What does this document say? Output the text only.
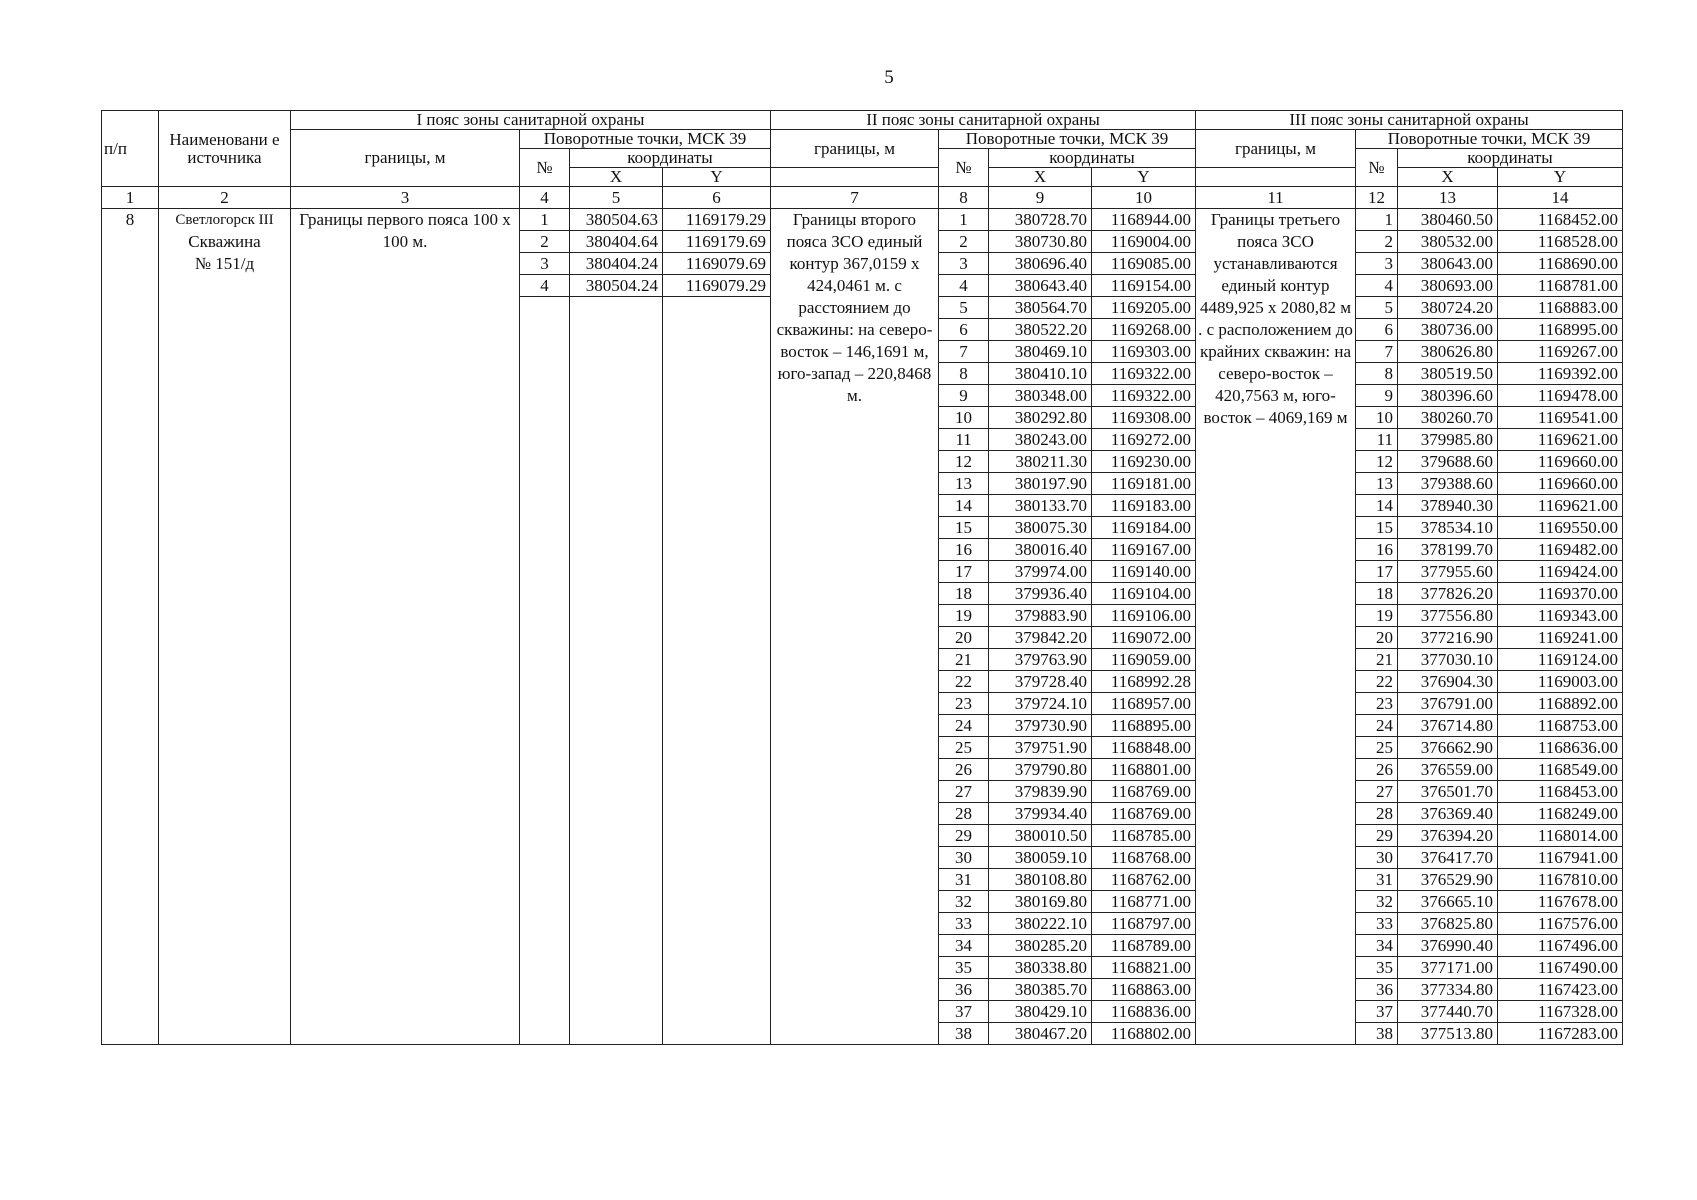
5
п/п	Наименовани е источника	I пояс зоны санитарной охраны				II пояс зоны санитарной охраны				III пояс зоны санитарной охраны			
		границы, м	Поворотные точки, МСК 39			границы, м	Поворотные точки, МСК 39			границы, м	Поворотные точки, МСК 39		
			№	координаты			№	координаты			№	координаты	
				X	Y			X	Y			X	Y
1	2	3	4	5	6	7	8	9	10	11	12	13	14
8	Светлогорск III
Скважина
№ 151/д	Границы первого пояса 100 х 100 м.	1	380504.63	1169179.29	Границы второго пояса ЗСО единый контур 367,0159 х 424,0461 м. с расстоянием до скважины: на северо-восток – 146,1691 м, юго-запад – 220,8468 м.	1	380728.70	1168944.00	Границы третьего пояса ЗСО устанавливаются единый контур 4489,925 х 2080,82 м . с расположением до крайних скважин: на северо-восток – 420,7563 м, юго-восток – 4069,169 м	1	380460.50	1168452.00
			2	380404.64	1169179.69		2	380730.80	1169004.00		2	380532.00	1168528.00
			3	380404.24	1169079.69		3	380696.40	1169085.00		3	380643.00	1168690.00
			4	380504.24	1169079.29		4	380643.40	1169154.00		4	380693.00	1168781.00
							5	380564.70	1169205.00		5	380724.20	1168883.00
							6	380522.20	1169268.00		6	380736.00	1168995.00
							7	380469.10	1169303.00		7	380626.80	1169267.00
							8	380410.10	1169322.00		8	380519.50	1169392.00
							9	380348.00	1169322.00		9	380396.60	1169478.00
							10	380292.80	1169308.00		10	380260.70	1169541.00
							11	380243.00	1169272.00		11	379985.80	1169621.00
							12	380211.30	1169230.00		12	379688.60	1169660.00
							13	380197.90	1169181.00		13	379388.60	1169660.00
							14	380133.70	1169183.00		14	378940.30	1169621.00
							15	380075.30	1169184.00		15	378534.10	1169550.00
							16	380016.40	1169167.00		16	378199.70	1169482.00
							17	379974.00	1169140.00		17	377955.60	1169424.00
							18	379936.40	1169104.00		18	377826.20	1169370.00
							19	379883.90	1169106.00		19	377556.80	1169343.00
							20	379842.20	1169072.00		20	377216.90	1169241.00
							21	379763.90	1169059.00		21	377030.10	1169124.00
							22	379728.40	1168992.28		22	376904.30	1169003.00
							23	379724.10	1168957.00		23	376791.00	1168892.00
							24	379730.90	1168895.00		24	376714.80	1168753.00
							25	379751.90	1168848.00		25	376662.90	1168636.00
							26	379790.80	1168801.00		26	376559.00	1168549.00
							27	379839.90	1168769.00		27	376501.70	1168453.00
							28	379934.40	1168769.00		28	376369.40	1168249.00
							29	380010.50	1168785.00		29	376394.20	1168014.00
							30	380059.10	1168768.00		30	376417.70	1167941.00
							31	380108.80	1168762.00		31	376529.90	1167810.00
							32	380169.80	1168771.00		32	376665.10	1167678.00
							33	380222.10	1168797.00		33	376825.80	1167576.00
							34	380285.20	1168789.00		34	376990.40	1167496.00
							35	380338.80	1168821.00		35	377171.00	1167490.00
							36	380385.70	1168863.00		36	377334.80	1167423.00
							37	380429.10	1168836.00		37	377440.70	1167328.00
							38	380467.20	1168802.00		38	377513.80	1167283.00
